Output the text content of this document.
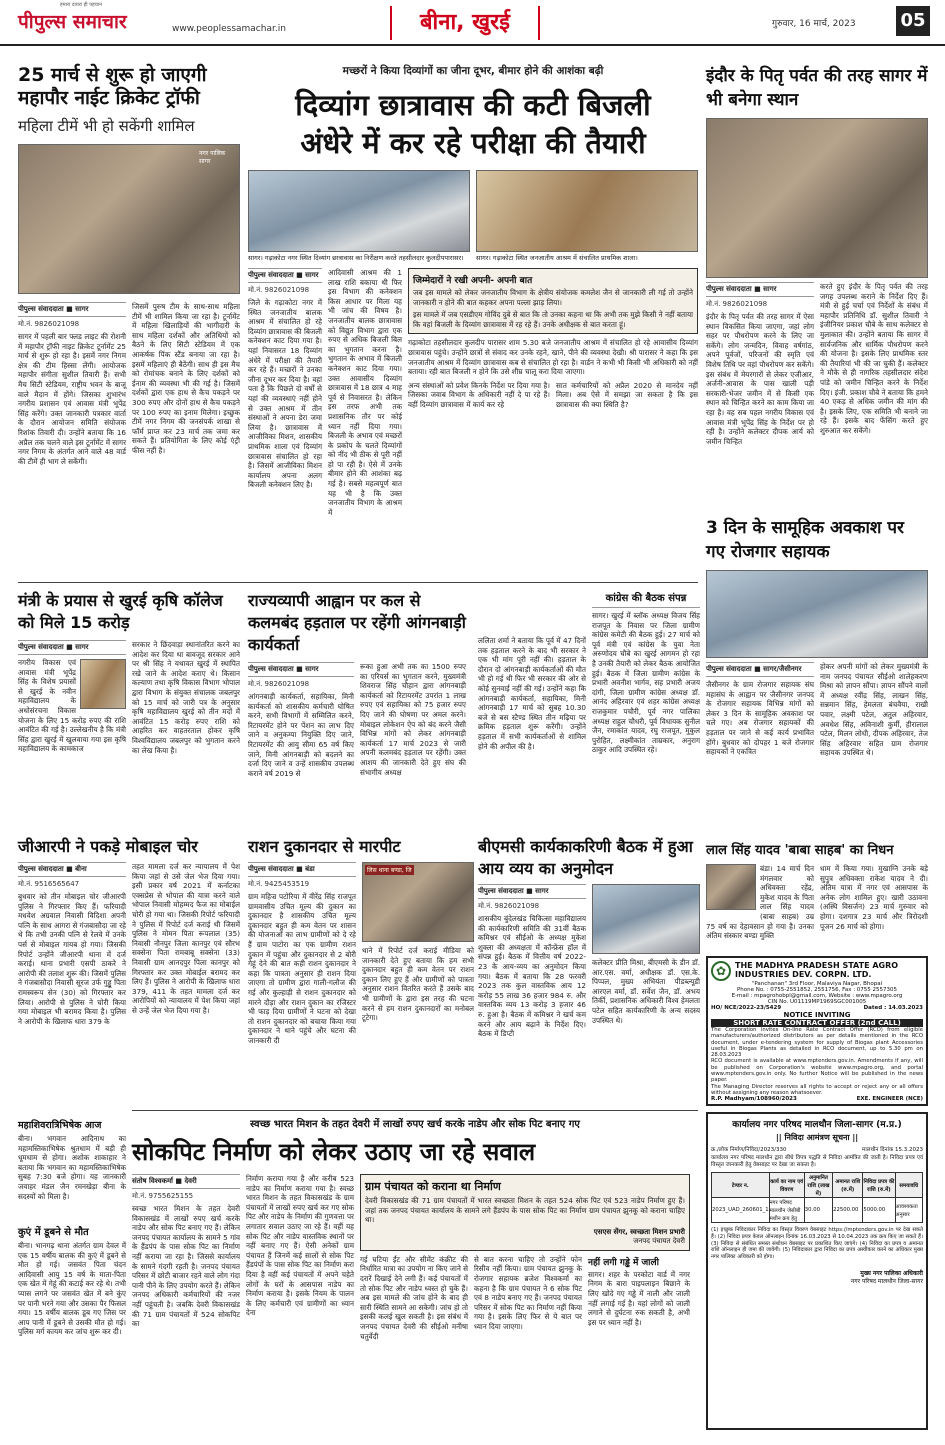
पीपुल्स समाचार
हमारा दायरा ही पहचान
www.peoplessamachar.in	बीना, खुरई	गुरुवार, 16 मार्च, 2023 05
25 मार्च से शुरू हो जाएगी महापौर नाईट क्रिकेट ट्रॉफी
महिला टीमें भी हो सकेंगी शामिल
नगर पालिक सागर
पीपुल्स संवाददाता ■ सागर
मो.नं. 9826021098
सागर में पहली बार फ्लड लाइट की रोशनी में महापौर ट्रॉफी नाइट क्रिकेट टूर्नामेंट 25 मार्च से शुरू हो रहा है। इसमें नगर निगम क्षेत्र की टीम हिस्सा लेंगी। आयोजक महापौर संगीता सुशील तिवारी हैं। सभी मैच सिटी स्टेडियम, राष्ट्रीय भवन के बाजू वाले मैदान में होंगे। जिसका शुभारंभ नगरीय प्रशासन एवं आवास मंत्री भूपेंद्र सिंह करेंगे। उक्त जानकारी पत्रकार वार्ता के दौरान आयोजन समिति संयोजक रिशांक तिवारी दी। उन्होंने बताया कि 16 अप्रैल तक चलने वाले इस टूर्नामेंट में सागर नगर निगम के अंतर्गत आने वाले 48 वार्ड की टीमें ही भाग ले सकेंगी।
जिसमें पुरुष टीम के साथ-साथ महिला टीमें भी शामिल किया जा रहा है। टूर्नामेंट में महिला खिलाड़ियों की भागीदारी के साथ महिला दर्शकों और अतिथियों को बैठने के लिए सिटी स्टेडियम में एक आकर्षक पिंक स्टैंड बनाया जा रहा है। इसमें महिलाएं ही बैठेंगी। साथ ही इस मैच को रोमांचक बनाने के लिए दर्शकों को ईनाम की व्यवस्था भी की गई है। जिसमें दर्शकों द्वारा एक हाथ से कैच पकड़ने पर 300 रुपए और दोनों हाथ से कैच पकड़ने पर 100 रुपए का इनाम मिलेगा। इच्छुक टीमें नगर निगम की जनसंपर्क शाखा से फॉर्म प्राप्त कर 23 मार्च तक जमा कर सकते हैं। प्रतियोगिता के लिए कोई एंट्री फीस नहीं है।
मच्छरों ने किया दिव्यांगों का जीना दूभर, बीमार होने की आशंका बढ़ी
दिव्यांग छात्रावास की कटी बिजली
अंधेरे में कर रहे परीक्षा की तैयारी
सागर। गढ़ाकोटा नगर स्थित दिव्यांग छात्रावास का निरीक्षण करते तहसीलदार कुलदीपपारासर।	सागर। गढ़ाकोटा स्थित जनजातीय आश्रम में संचालित प्राथमिक शाला।
पीपुल्स संवाददाता ■ सागर
मो.नं. 9826021098
जिले के गढ़ाकोटा नगर में स्थित जनजातीय बालक आश्रम में संचालित हो रहे दिव्यांग छात्रावास की बिजली कनेक्शन काट दिया गया है। यहां निवासरत 18 दिव्यांग अंधेरे में परीक्षा की तैयारी कर रहे हैं। मच्छरों ने उनका जीना दूभर कर दिया है। वहां पता है कि पिछले दो वर्षों से यहां की व्यवस्थाएं नहीं होने से उक्त आश्रम में तीन संस्थाओं ने अपना डेरा जमा लिया है। छात्रावास में आजीविका मिशन, शासकीय प्राथमिक शाला एवं दिव्यांग छात्रावास संचालित हो रहा है। जिसमें आजीविका मिशन कार्यालय अपना अलग बिजली कनेक्शन लिए है।
आदिवासी आश्रम की 1 लाख राशि बकाया थी फिर इस विभाग की कनेक्शन किस आधार पर मिला यह भी जांच की विषय है। जनजातीय बालक छात्रावास को विद्युत विभाग द्वारा एक रुपए से अधिक बिजली बिल का भुगतान करना है। भुगतान के अभाव में बिजली कनेक्शन काट दिया गया। उक्त आवासीय दिव्यांग छात्रावास में 18 छात्र 4 माह पूर्व से निवासरत है। लेकिन इस तरफ अभी तक प्रशासनिक तौर पर कोई ध्यान नहीं दिया गया। बिजली के अभाव एवं मच्छरों के प्रकोप के चलते दिव्यांगों को नींद भी ठीक से पूरी नहीं हो पा रही है। ऐसे में उनके बीमार होने की आशंका बढ़ गई है। सबसे महत्वपूर्ण बात यह भी है कि उक्त जनजातीय विभाग के आश्रम में
जिम्मेदारों ने रखी अपनी- अपनी बात
जब इस मामले को लेकर जनजातीय विभाग के क्षेत्रीय संयोजक कमलेश जैन से जानकारी ली गई तो उन्होंने जानकारी न होने की बात कहकर अपना पल्ला झाड़ लिया।
इस मामले में जब एसडीएम गोविंद दुबे से बात कि तो उनका कहना था कि अभी तक मुझे किसी ने नहीं बताया कि वहां बिजली के दिव्यांग छात्रावास में रह रहे हैं। उनके अधीक्षक से बात करता हूं।
गढ़ाकोटा तहसीलदार कुलदीप पारासर शाम 5.30 बजे जनजातीय आश्रम में संचालित हो रहे आवासीय दिव्यांग छात्रावास पहुंचे। उन्होंने छात्रों से संवाद कर उनके रहने, खाने, पीने की व्यवस्था देखी। श्री पारासर ने कहा कि इस जनजातीय आश्रम में दिव्यांग छात्रावास कब से संचालित हो रहा है। वार्डन ने कभी भी किसी भी अधिकारी को नहीं बताया। रही बात बिजली न होने कि उसे शीघ्र चालू करा दिया जाएगा।
अन्य संस्थाओं को प्रवेश किनके निर्देश पर दिया गया है। जिसका जवाब विभाग के अधिकारी नहीं दे पा रहे हैं। वहीं दिव्यांग छात्रावास में कार्य कर रहे
सात कर्मचारियों को अप्रैल 2020 से मानदेय नहीं मिला। अब ऐसे में समझा जा सकता है कि इस छात्रावास की क्या स्थिति है?
इंदौर के पितृ पर्वत की तरह सागर में भी बनेगा स्थान
पीपुल्स संवाददाता ■ सागर
मो.नं. 9826021098
इंदौर के पितृ पर्वत की तरह सागर में ऐसा स्थान विकसित किया जाएगा, जहां लोग सहर पर पौधरोपण करने के लिए जा सकेंगे। लोग जन्मदिन, विवाह वर्षगांठ, अपने पूर्वजों, परिजनों की स्मृति एवं विशेष तिथि पर वहां पौधरोपण कर सकेंगे। इस संबंध में मेयरगारों से लेकर एजीआर, अर्जनी-आवास के पास खाली पड़ी सरकारी-भेजर जमीन में से किसी एक स्थान को चिन्हित करने का काम किया जा रहा है। वह सब पहल नगरीय विकास एवं आवास मंत्री भूपेंद्र सिंह के निर्देश पर हो रही है। उन्होंने कलेक्टर दीपक आर्य को जमीन चिन्हित
करते हुए इंदौर के पितृ पर्वत की तरह जगह उपलब्ध कराने के निर्देश दिए हैं। मंत्री से हुई चर्चा एवं निर्देशों के संबंध में महापौर प्रतिनिधि डॉ. सुशील तिवारी ने इंजीनियर प्रकाश चौबे के साथ कलेक्टर से मुलाकात की। उन्होंने बताया कि सागर में सार्वजनिक और धार्मिक पौधरोपण करने की योजना है। इसके लिए प्राथमिक स्तर की तैयारियां भी की जा चुकी हैं। कलेक्टर ने मौके से ही नागरिक तहसीलदार संदेश पांडे को जमीन चिन्हित करने के निर्देश दिए। इंजी. प्रकाश चौबे ने बताया कि हमने 40 एकड़ से अधिक जमीन की मांग की है। इसके लिए, एक समिति भी बनाने जा रहे हैं। इसके बाद फेंसिंग करते हुए शुरुआत कर सकेंगे।
3 दिन के सामूहिक अवकाश पर गए रोजगार सहायक
पीपुल्स संवाददाता ■ सागर/जैसीनगर
जैसीनगर के ग्राम रोजगार सहायक संघ महासंघ के आह्वान पर जैसीनगर जनपद के रोजगार सहायक विभिन्न मांगों को लेकर 3 दिन के सामूहिक अवकाश पर चले गए। अब रोजगार सहायकों की हड़ताल पर जाने से कई कार्य प्रभावित होंगे। बुधवार को दोपहर 1 बजे रोजगार सहायकों ने एकत्रित
होकर अपनी मांगों को लेकर मुख्यमंत्री के नाम जनपद पंचायत सीईओ शालेहकरण मिश्रा को ज्ञापन सौंपा। ज्ञापन सौंपने वालों में अध्यक्ष रवींद्र सिंह, लाखन सिंह, सन्नमान सिंह, हेमलता बंचवैया, राखी पवार, लक्ष्मी पटेल, अतुल अहिरवार, अवधेश सिंह, अविनाशी कुर्मी, हीरालाल पटेल, मिलन लोधी, दीपक अहिरवार, तेज सिंह अहिरवार सहित ग्राम रोजगार सहायक उपस्थित थे।
मंत्री के प्रयास से खुरई कृषि कॉलेज को मिले 15 करोड़
पीपुल्स संवाददाता ■ सागर
नगरीय विकास एवं आवास मंत्री भूपेंद्र सिंह के विशेष प्रयासों से खुरई के नवीन महाविद्यालय के अधोसंरचना विकास योजना के लिए 15 करोड़ रुपए की राशि आवंटित की गई है। उल्लेखनीय है कि मंत्री सिंह द्वारा खुरई में खुलवाया गया इस कृषि महाविद्यालय के कामकाज
सरकार ने छिंदवाड़ा स्थानांतरित करने का आदेश कर दिया था बावजूद सरकार आने पर श्री सिंह ने यथावत खुरई में स्थापित रखे जाने के आदेश कराए थे। किसान कल्याण तथा कृषि विकास विभाग भोपाल द्वारा विभाग के संयुक्त संचालक जबलपुर को 15 मार्च को जारी पत्र के अनुसार कृषि महाविद्यालय खुरई को तीन मदों में आवंटित 15 करोड़ रुपए राशि को आहरित कर वाहतरताल होकर कृषि विश्वविद्यालय जबलपुर को भुगतान करने का लेख किया है।
राज्यव्यापी आह्वान पर कल से कलमबंद हड़ताल पर रहेंगी आंगनबाड़ी कार्यकर्ता
पीपुल्स संवाददाता ■ सागर
मो.नं. 9826021098
आंगनबाड़ी कार्यकर्ता, सहायिका, मिनी कार्यकर्ता को शासकीय कर्मचारी घोषित करने, सभी विभागों में सम्मिलित करने, रिटायरमेंट होने पर पेंशन का लाभ दिए जाने व अनुकम्पा नियुक्ति दिए जाने, रिटायरमेंट की आयु सीमा 65 वर्ष किए जाने, मिनी आंगनबाड़ी को बदलने का दर्जा दिए जाने व उन्हें शासकीय उपलब्ध कराने वर्ष 2019 से
रूका हुआ अभी तक का 1500 रुपए का एरियर्स का भुगतान करने, मुख्यमंत्री शिवराज सिंह चौहान द्वारा आंगनबाड़ी कार्यकर्ता को रिटायरमेंट उपरांत 1 लाख रुपए एवं सहायिका को 75 हजार रुपए दिए जाने की घोषणा पर अमल करने। मोबाइल लोकेशन ऐप को बंद करने जैसी विभिन्न मांगों को लेकर आंगनबाड़ी कार्यकर्ता 17 मार्च 2023 से जारी अपनी कलमबंद हड़ताल पर रहेंगी। उक्त आशय की जानकारी देते हुए संघ की संभागीय अध्यक्ष
ललिता शर्मा ने बताया कि पूर्व में 47 दिनों तक हड़ताल करने के बाद भी सरकार ने एक भी मांग पूरी नहीं की। हड़ताल के दौरान दो आंगनबाड़ी कार्यकर्ताओं की मौत भी हो गई थी फिर भी सरकार की ओर से कोई सुनवाई नहीं की गई। उन्होंने कहा कि आंगनबाड़ी कार्यकर्ता, सहायिका, मिनी आंगनबाड़ी 17 मार्च को सुबह 10.30 बजे से बस स्टैण्ड स्थित तीन मढ़िया पर क्रमिक हड़ताल शुरू करेंगी। उन्होंने हड़ताल में सभी कार्यकर्ताओं से शामिल होने की अपील की है।
कांग्रेस की बैठक संपन्न
सागर। खुरई में ब्लॉक अध्यक्ष विजय सिंह राजपूत के निवास पर जिला ग्रामीण कांग्रेस कमेटी की बैठक हुई। 27 मार्च को पूर्व मंत्री एवं कांग्रेस के युवा नेता अरुणोदय चौबे का खुरई आगमन हो रहा है उनकी तैयारी को लेकर बैठक आयोजित हुई। बैठक में जिला ग्रामीण कांग्रेस के प्रभारी अवनीश भार्गव, सह प्रभारी अजय दांगी, जिला ग्रामीण कांग्रेस अध्यक्ष डॉ. आनंद अहिरवार एवं शहर कांग्रेस अध्यक्ष राजकुमार पचौरी, पूर्व नगर पालिका अध्यक्ष राहुल चौधरी, पूर्व विधायक सुनील जैन, रमाकांत यादव, रघु राजपूत, मुकुल पुरोहित, लक्ष्मीकांत ताम्रकार, अनुराग ठाकुर आदि उपस्थित रहे।
जीआरपी ने पकड़े मोबाइल चोर
पीपुल्स संवाददाता ■ बीना
मो.नं. 9516565647
बुधवार को तीन मोबाइल चोर जीआरपी पुलिस ने गिरफ्तार किए हैं। फरियादी मधवेश अग्रवाल निवासी विदिशा अपनी पत्नि के साथ आगरा से गंजबासौदा जा रहे थे कि तभी उनकी पत्नि से रेलवे में उनके पर्स से मोबाइल गायब हो गया। जिसकी रिपोर्ट उन्होंने जीआरपी थाना में दर्ज कराई। थाना प्रभारी एसपी ठाकरे ने आरोपी की तलाश शुरू की। जिसमें पुलिस ने गंजबासौदा निवासी सूरज उर्फ गुड्डू पिता रामस्वरूप सेन (30) को गिरफ्तार कर लिया। आरोपी से पुलिस ने चोरी किया गया मोबाइल भी बरामद किया है। पुलिस ने आरोपी के खिलाफ धारा 379 के
तहत मामला दर्ज कर न्यायालय में पेश किया जहां से उसे जेल भेज दिया गया। इसी प्रकार वर्ष 2021 में कर्नाटका एक्सप्रेस से भोपाल की यात्रा करने वाले भोपाल निवासी मोहम्मद फैज का मोबाईल चोरी हो गया था। जिसकी रिपोर्ट फरियादी ने पुलिस में रिपोर्ट दर्ज कराई थी जिसमें पुलिस ने मोमन पिता रूपलाल (35) निवासी नौनपुर जिला कानपुर एवं सौरभ सक्सेना पिता रामबाबू सक्सेना (33) निवासी ग्राम आनदपुर पिला कानपुर को गिरफ्तार कर उक्त मोबाईल बरामद कर लिए हैं। पुलिस ने आरोपी के खिलाफ धारा 379, 411 के तहत मामला दर्ज कर आरोपियों को न्यायालय में पेश किया जहां से उन्हें जेल भेज दिया गया है।
राशन दुकानदार से मारपीट
पीपुल्स संवाददाता ■ बंडा
मो.नं. 9425453519
ग्राम महिज्र पटोरिया में वीरेंद्र सिंह राजपूत ग्रामवासीय उचित मूल्य की दुकान का दुकानदार है शासकीय उचित मूल्य दुकानदार बहुत ही कम वेतन पर शासन की योजनाओं का लाभ ग्रामीणों को दे रहे हैं ग्राम पाटोरा का एक ग्रामीण राशन दुकान में पहुंचा और दुकानदार से 2 बोरी गेहूं देने की बात कही राशन दुकानदार ने कहा कि पात्रता अनुसार ही राशन दिया जाएगा तो ग्रामीण द्वारा गाली-गलौज की गई और कुल्हाड़ी से राशन दुकानदार को मारने दौड़ा और राशन दुकान का रजिस्टर भी फाड़ दिया ग्रामीणों ने घटना को देखा तो राशन दुकानदार को बचाया किया गया दुकानदार ने थाने पहुंचे और घटना की जानकारी दी
लिस थाना बण्डा, जि
थाने में रिपोर्ट दर्ज कराई मीडिया को जानकारी देते हुए बताया कि हम सभी दुकानदार बहुत ही कम वेतन पर राशन दुकान लिए हुए हैं और ग्रामीणों को पात्रता अनुसार राशन वितरित करते हैं उसके बाद भी ग्रामीणों के द्वारा इस तरह की घटना करने से हम राशन दुकानदारों का मनोबल टूटेगा।
बीएमसी कार्यकाकरिणी बैठक में हुआ आय व्यय का अनुमोदन
पीपुल्स संवाददाता ■ सागर
मो.नं. 9826021098
शासकीय बुंदेलखंड चिकित्सा महाविद्यालय की कार्यकारिणी समिति की 31वीं बैठक कमिश्नर एवं सीईओ के अध्यक्ष मुकेश शुक्ला की अध्यक्षता में कॉन्फ्रेंस हॉल में संपन्न हुई। बैठक में वित्तीय वर्ष 2022-23 के आय-व्यय का अनुमोदन किया गया। बैठक में बताया कि 28 फरवरी 2023 तक कुल वास्तविक आय 12 करोड़ 55 लाख 36 हजार 984 रु. और वास्तविक व्यय 13 करोड़ 3 हजार 46 रु. हुआ है। बैठक में कमिश्नर ने खर्च कम करने और आय बढ़ाने के निर्देश दिए। बैठक में डिप्टी
कलेक्टर प्रीति मिश्रा, बीएमसी के डीन डॉ. आर.एस. वर्मा, अधीक्षक डॉ. एस.के. पिप्पल, मुख्य अभियंता पीडब्ल्यूडी आरएल वर्मा, डॉ. सर्वेश जैन, डॉ. अभय तिर्की, प्रशासनिक अधिकारी विश्व हेमलता पटेल सहित कार्यकारिणी के अन्य सदस्य उपस्थित थे।
लाल सिंह यादव 'बाबा साहब' का निधन
बंडा। 14 मार्च दिन मंगलवार को अधिवक्ता रहेंद्र, मुकेश यादव के पिता लाल सिंह यादव (बाबा साहब) उम्र 75 वर्ष का देहावसान हो गया है। उनका अंतिम संस्कार बण्डा मुक्ति
धाम में किया गया। मुखाग्नि उनके बड़े सुपुत्र अधिवक्ता राकेश यादव ने दी। अंतिम यात्रा में नगर एवं आसपास के अनेक लोग शामिल हुए। खारी उठावना (अस्थि विसर्जन) 23 मार्च गुरुवार को होगा। दशगात्र 23 मार्च और त्रिरोदशी पूजन 26 मार्च को होगा।
✿	THE MADHYA PRADESH STATE AGRO
INDUSTRIES DEV. CORPN. LTD.
"Panchanan" 3rd Floor, Malaviya Nagar, Bhopal
Phone No. : 0755-2551852, 2551756, Fax : 0755 2557305
E-mail : mpagrohobpl@gmail.com, Website : www.mpagro.org
CIN No. U01119MP1969SGC001005
HO/ NCE/2022-23/5429	Dated : 14.03.2023
NOTICE INVITING
SHORT RATE CONTRACT OFFER (2nd CALL)
The Corporation invites On-line Rate Contract Offer (RCO) from eligible manufacturers/authorized distributors as per details mentioned in the RCO document, under e-tendering system for supply of Biogas plant Accessories useful in Biogas Plants as detailed in RCO document, up to 5.30 pm on 28.03.2023
RCO document is available at www.mptenders.gov.in. Amendments if any, will be published on Corporation's website www.mpagro.org, and portal www.mptenders.gov.in only. No further Notice will be published in the news paper.
The Managing Director reserves all rights to accept or reject any or all offers without assigning any reason whatsoever.
R.P. Madhyam/108960/2023	EXE. ENGINEER (NCE)
महाशिवरात्रिभिषेक आज
बीना। भगवान आदिनाथ का महामस्तिकाभिषेक श्रुतधाम में बड़ी ही धूमधाम से होगा। अशोक शाकाहार ने बताया कि भगवान का महामस्तिकाभिषेक सुबह 7:30 बजे होगा। यह जानकारी जवाहर मंडल जैन रमनखेड़ा बीना के सदस्यों को मिला है।
कुएं में डूबने से मौत
बीना। भानगढ़ थाना अंतर्गत ग्राम देवल में एक 15 वर्षीय बालक की कुएं में डूबने से मौत हो गई। जसवंत पिता चंदन आदिवासी आयु 15 वर्ष के माता-पिता एक खेत में गेहूं की कटाई कर रहे थे। तभी प्यास लगने पर जसवंत खेत में बने कुंए पर पानी भरने गया और उसका पैर फिसल गया। 15 वर्षीय बालक डूब गए जिस पर आप पानी में डूबने से उसकी मौत हो गई। पुलिस मर्ग कायम कर जांच शुरू कर दी।
स्वच्छ भारत मिशन के तहत देवरी में लाखों रुपए खर्च करके नाडेप और सोक पिट बनाए गए
सोकपिट निर्माण को लेकर उठाए जा रहे सवाल
संतोष विश्वकर्मा ■ देवरी
मो.नं. 9755625155
स्वच्छ भारत मिशन के तहत देवरी विकासखंड में लाखों रुपए खर्च करके नाडेप और सोक पिट बनाए गए हैं। लेकिन जनपद पंचायत कार्यालय के सामने 5 गांव के हैंडपंप के पास सोक पिट का निर्माण नहीं कराया जा रहा है। जिससे कार्यालय के सामने गंदगी रहती है। जनपद पंचायत परिसर में छोटी बाजार रहने वाले लोग गंदा पानी पीने के लिए उपयोग करते हैं। लेकिन जनपद अधिकारी कर्मचारियों की नजर नहीं पहुंचती है। जबकि देवरी विकासखंड की 71 ग्राम पंचायतों में 524 सोकपिट का
निर्माण कराया गया है और करीब 523 नाडेप का निर्माण कराया गया है। स्वच्छ भारत मिशन के तहत विकासखंड के ग्राम पंचायतों में लाखों रुपए खर्च कर गए सोक पिट और नाडेप के निर्माण की गुणवत्ता पर लगातार सवाल उठाए जा रहे हैं। वहीं यह सोक पिट और नाडेप वास्तविक स्थानों पर नहीं बनाए गए हैं। ऐसी अनेकों ग्राम पंचायत हैं जिनमें कई सालों से सोक पिट हैंडपंपों के पास सोक पिट का निर्माण करा दिया है वहीं कई पंचायतों में अपने चहेते लोगों के घरों के आसपास नाडेप का निर्माण कराया है। इसके नियम के पालन के लिए कर्मचारी एवं ग्रामीणों का ध्यान देना
ग्राम पंचायत को कराना था निर्माण
देवरी विकासखंड की 71 ग्राम पंचायतों में भारत स्वच्छता मिशन के तहत 524 सोक पिट एवं 523 नाडेप निर्माण हुए हैं। जहां तक जनपद पंचायत कार्यालय के सामने लगे हैंडपंप के पास सोक पिट का निर्माण ग्राम पंचायत झुनकू को कराना चाहिए था।
एसएस सेंगर, स्वच्छता मिशन प्रभारी
जनपद पंचायत देवरी
गई घटिया ईंट और सीमेंट कंक्रीट की निर्धारित मात्रा का उपयोग ना किए जाने से दरारें दिखाई देने लगी हैं। कई पंचायतों में तो सोक पिट और नाडेप ध्वस्त हो चुके हैं। अब इस मामले की जांच होने के बाद ही सारी स्थिति सामने आ सकेगी। जांच हो तो इसकी कलई खुल सकती है। इस संबंध में जनपद पंचायत देवरी की सीईओ मनीषा चतुर्वेदी
से बात करना चाहिए तो उन्होंने फोन रिसीव नहीं किया। ग्राम पंचायत झुनकू के रोजगार सहायक ब्रजेश विश्वकर्मा का कहना है कि ग्राम पंचायत ने 6 सोक पिट एवं 8 नाडेप बनाए गए हैं। जनपद पंचायत परिसर में सोक पिट का निर्माण नहीं किया गया है। इसके लिए फिर से ये बात पर ध्यान दिया जाएगा।
नहीं लगी गड्ढे में जाली
सागर। शहर के परकोटा वार्ड में नगर निगम के बारा पाइपलाइन बिछाने के लिए खोदे गए गड्ढे में नाली और जाली नहीं लगाई गई है। यहां लोगों को जाली लगाने से दुर्घटना रुक सकती है, अभी इस पर ध्यान नहीं है।
कार्यालय नगर परिषद मालथौन जिला-सागर (म.प्र.)
|| निविदा आमंत्रण सूचना ||
क्र./लोक निर्माण/निविदा/2023/330	मालथौन दिनांक 15.3.2023
कार्यालय नगर परिषद मालथौन द्वारा सीधे विपत्र पद्धति से निविदा आमंत्रित की जाती है। निविदा प्रपत्र एवं विस्तृत जानकारी हेतु वेबसाइट पर देखा जा सकता है।
टेण्डर न.	कार्य का नाम एवं विवरण	अनुमानित राशि (लाख में)	अमानत राशि (रु.में)	निविदा प्रपत्र की राशि (रु.में)	समयावधि
2023_UAD_260601_1	नगर परिषद मालथौन जेसीबी मशीन क्रय हेतु	30.00	22500.00	5000.00	आवश्यकता अनुसार
(1) इच्छुक निविदाकार निविदा का विस्तृत विवरण वेबसाइट https://mptenders.gov.in पर देख सकते हैं। (2) निविदा प्रपत्र केवल ऑनलाइन दिनांक 16.03.2023 से 10.04.2023 तक क्रय किए जा सकते हैं। (3) निविदा से संबंधित समस्त संशोधन वेबसाइट पर प्रकाशित किए जाएंगे। (4) निविदा का प्रपत्र व अमानत राशि ऑनलाइन ही जमा की जावेगी। (5) निविदाकार द्वारा निविदा का प्रपत्र अस्वीकार करने का अधिकार मुख्य नगर पालिका अधिकारी को होगा।
मुख्य नगर पालिका अधिकारी
नगर परिषद मालथौन जिला-सागर
